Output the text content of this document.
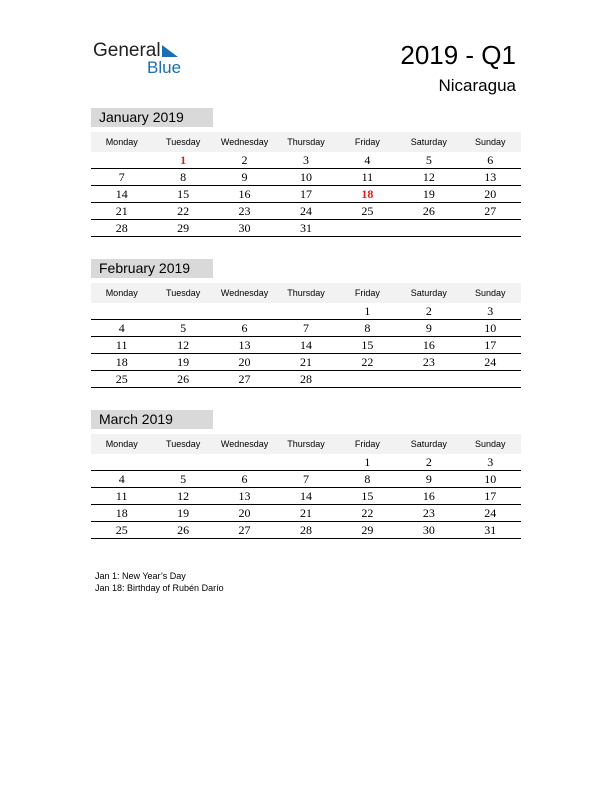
General
Blue	2019 - Q1
Nicaragua
January 2019
Monday	Tuesday	Wednesday	Thursday	Friday	Saturday	Sunday
	1	2	3	4	5	6
7	8	9	10	11	12	13
14	15	16	17	18	19	20
21	22	23	24	25	26	27
28	29	30	31			
February 2019
Monday	Tuesday	Wednesday	Thursday	Friday	Saturday	Sunday
				1	2	3
4	5	6	7	8	9	10
11	12	13	14	15	16	17
18	19	20	21	22	23	24
25	26	27	28			
March 2019
Monday	Tuesday	Wednesday	Thursday	Friday	Saturday	Sunday
				1	2	3
4	5	6	7	8	9	10
11	12	13	14	15	16	17
18	19	20	21	22	23	24
25	26	27	28	29	30	31
Jan 1: New Year’s Day
Jan 18: Birthday of Rubén Darío
